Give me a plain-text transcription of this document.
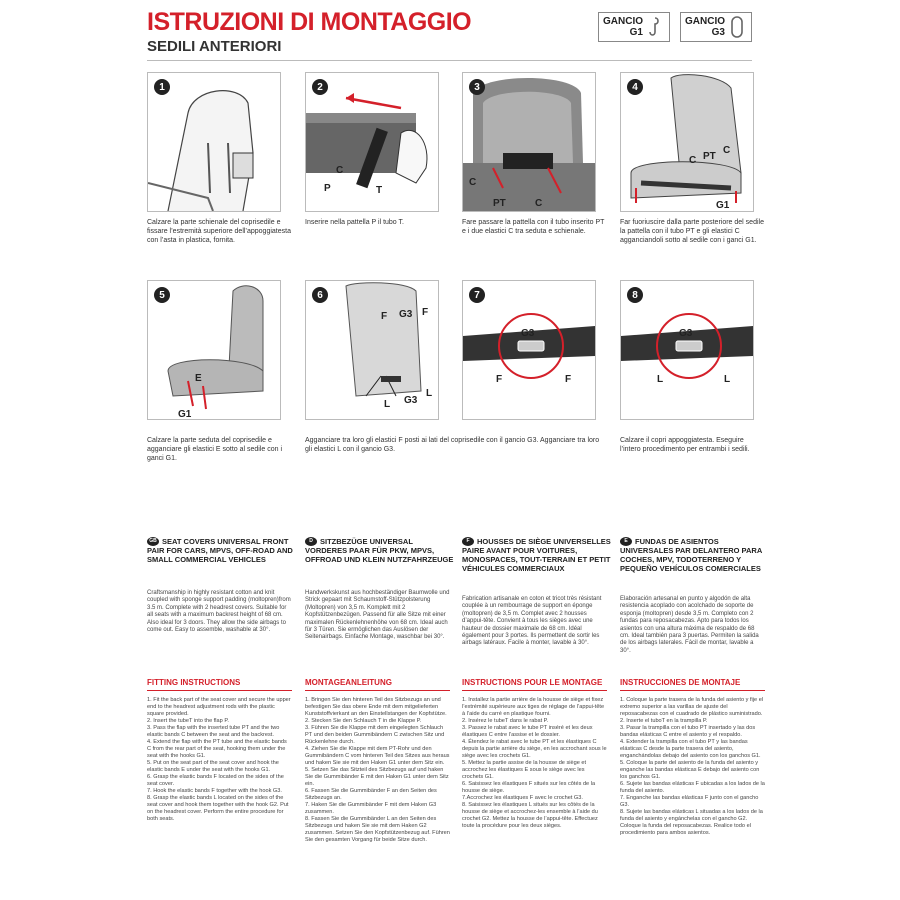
ISTRUZIONI DI MONTAGGIO
SEDILI ANTERIORI
GANCIO
G1
GANCIO
G3
1	2
P
C
T
3
C
PT	C
4
C PT
C
G1
Calzare la parte schienale del coprisedile e fissare l’estremità superiore dell’appoggiatesta con l’asta in plastica, fornita.
Inserire nella pattella P il tubo T.	Fare passare la pattella con il tubo inserito PT e i due elastici C tra seduta e schienale.
Far fuoriuscire dalla parte posteriore del sedile la pattella con il tubo PT e gli elastici C agganciandoli sotto al sedile con i ganci G1.
5
E
G1
6
F G3 F
L G3
L
7
G3
F	F
8
G3
L	L
Calzare la parte seduta del coprisedile e agganciare gli elastici E sotto al sedile con i ganci G1.
Agganciare tra loro gli elastici F posti ai lati del coprisedile con il gancio G3. Agganciare tra loro gli elastici L con il gancio G3.
Calzare il copri appoggiatesta. Eseguire l’intero procedimento per entrambi i sedili.
GB SEAT COVERS UNIVERSAL FRONT PAIR FOR CARS, MPVS, OFF-ROAD AND SMALL COMMERCIAL VEHICLES
D SITZBEZÜGE UNIVERSAL VORDERES PAAR FÜR PKW, MPVS, OFFROAD UND KLEIN NUTZFAHRZEUGE
F HOUSSES DE SIÈGE UNIVERSELLES PAIRE AVANT POUR VOITURES, MONOSPACES, TOUT-TERRAIN ET PETIT VÉHICULES COMMERCIAUX
E FUNDAS DE ASIENTOS UNIVERSALES PAR DELANTERO PARA COCHES, MPV, TODOTERRENO Y PEQUEÑO VEHÍCULOS COMERCIALES
Craftsmanship in highly resistant cotton and knit coupled with sponge support padding (moltopren)from 3.5 m. Complete with 2 headrest covers. Suitable for all seats with a maximum backrest height of 68 cm. Also ideal for 3 doors. They allow the side airbags to come out. Easy to assemble, washable at 30°.
Handwerkskunst aus hochbeständiger Baumwolle und Strick gepaart mit Schaumstoff-Stützpolsterung (Moltopren) von 3,5 m. Komplett mit 2 Kopfstützenbezügen. Passend für alle Sitze mit einer maximalen Rückenlehnenhöhe von 68 cm. Ideal auch für 3 Türen. Sie ermöglichen das Auslösen der Seitenairbags. Einfache Montage, waschbar bei 30°.
Fabrication artisanale en coton et tricot très résistant couplée à un rembourrage de support en éponge (moltopren) de 3,5 m. Complet avec 2 housses d’appui-tête. Convient à tous les sièges avec une hauteur de dossier maximale de 68 cm. Idéal également pour 3 portes. Ils permettent de sortir les airbags latéraux. Facile à monter, lavable à 30°.
Elaboración artesanal en punto y algodón de alta resistencia acoplado con acolchado de soporte de esponja (moltopren) desde 3,5 m. Completo con 2 fundas para reposacabezas. Apto para todos los asientos con una altura máxima de respaldo de 68 cm. Ideal también para 3 puertas. Permiten la salida de los airbags laterales. Fácil de montar, lavable a 30°.
FITTING INSTRUCTIONS	MONTAGEANLEITUNG	INSTRUCTIONS POUR LE MONTAGE	INSTRUCCIONES DE MONTAJE
1. Fit the back part of the seat cover and secure the upper end to the headrest adjustment rods with the plastic square provided.
2. Insert the tubeT into the flap P.
3. Pass the flap with the inserted tube PT and the two elastic bands C between the seat and the backrest.
4. Extend the flap with the PT tube and the elastic bands C from the rear part of the seat, hooking them under the seat with the hooks G1.
5. Put on the seat part of the seat cover and hook the elastic bands E under the seat with the hooks G1.
6. Grasp the elastic bands F located on the sides of the seat cover.
7. Hook the elastic bands F together with the hook G3.
8. Grasp the elastic bands L located on the sides of the seat cover and hook them together with the hook G2. Put on the headrest cover. Perform the entire procedure for both seats.
1. Bringen Sie den hinteren Teil des Sitzbezugs an und befestigen Sie das obere Ende mit dem mitgelieferten Kunststoffvierkant an den Einstellstangen der Kopfstütze.
2. Stecken Sie den Schlauch T in die Klappe P.
3. Führen Sie die Klappe mit dem eingelegten Schlauch PT und den beiden Gummibändern C zwischen Sitz und Rückenlehne durch.
4. Ziehen Sie die Klappe mit dem PT-Rohr und den Gummibändern C vom hinteren Teil des Sitzes aus heraus und haken Sie sie mit den Haken G1 unter dem Sitz ein.
5. Setzen Sie das Sitzteil des Sitzbezugs auf und haken Sie die Gummibänder E mit den Haken G1 unter dem Sitz ein.
6. Fassen Sie die Gummibänder F an den Seiten des Sitzbezugs an.
7. Haken Sie die Gummibänder F mit dem Haken G3 zusammen.
8. Fassen Sie die Gummibänder L an den Seiten des Sitzbezugs und haken Sie sie mit dem Haken G2 zusammen. Setzen Sie den Kopfstützenbezug auf. Führen Sie den gesamten Vorgang für beide Sitze durch.
1. Installez la partie arrière de la housse de siège et fixez l’extrémité supérieure aux tiges de réglage de l’appui-tête à l’aide du carré en plastique fourni.
2. Insérez le tubeT dans le rabat P.
3. Passez le rabat avec le tube PT inséré et les deux élastiques C entre l’assise et le dossier.
4. Étendez le rabat avec le tube PT et les élastiques C depuis la partie arrière du siège, en les accrochant sous le siège avec les crochets G1.
5. Mettez la partie assise de la housse de siège et accrochez les élastiques E sous le siège avec les crochets G1.
6. Saisissez les élastiques F situés sur les côtés de la housse de siège.
7.Accrochez les élastiques F avec le crochet G3.
8. Saisissez les élastiques L situés sur les côtés de la housse de siège et accrochez-les ensemble à l’aide du crochet G2. Mettez la housse de l’appui-tête. Effectuez toute la procédure pour les deux sièges.
1. Coloque la parte trasera de la funda del asiento y fije el extremo superior a las varillas de ajuste del reposacabezas con el cuadrado de plástico suministrado.
2. Inserte el tuboT en la trampilla P.
3. Pasar la trampilla con el tubo PT insertado y las dos bandas elásticas C entre el asiento y el respaldo.
4. Extender la trampilla con el tubo PT y las bandas elásticas C desde la parte trasera del asiento, enganchándolas debajo del asiento con los ganchos G1.
5. Coloque la parte del asiento de la funda del asiento y enganche las bandas elásticas E debajo del asiento con los ganchos G1.
6. Sujete las bandas elásticas F ubicadas a los lados de la funda del asiento.
7. Enganche las bandas elásticas F junto con el gancho G3.
8. Sujete las bandas elásticas L situadas a los lados de la funda del asiento y engánchelas con el gancho G2. Coloque la funda del reposacabezas. Realice todo el procedimiento para ambos asientos.
